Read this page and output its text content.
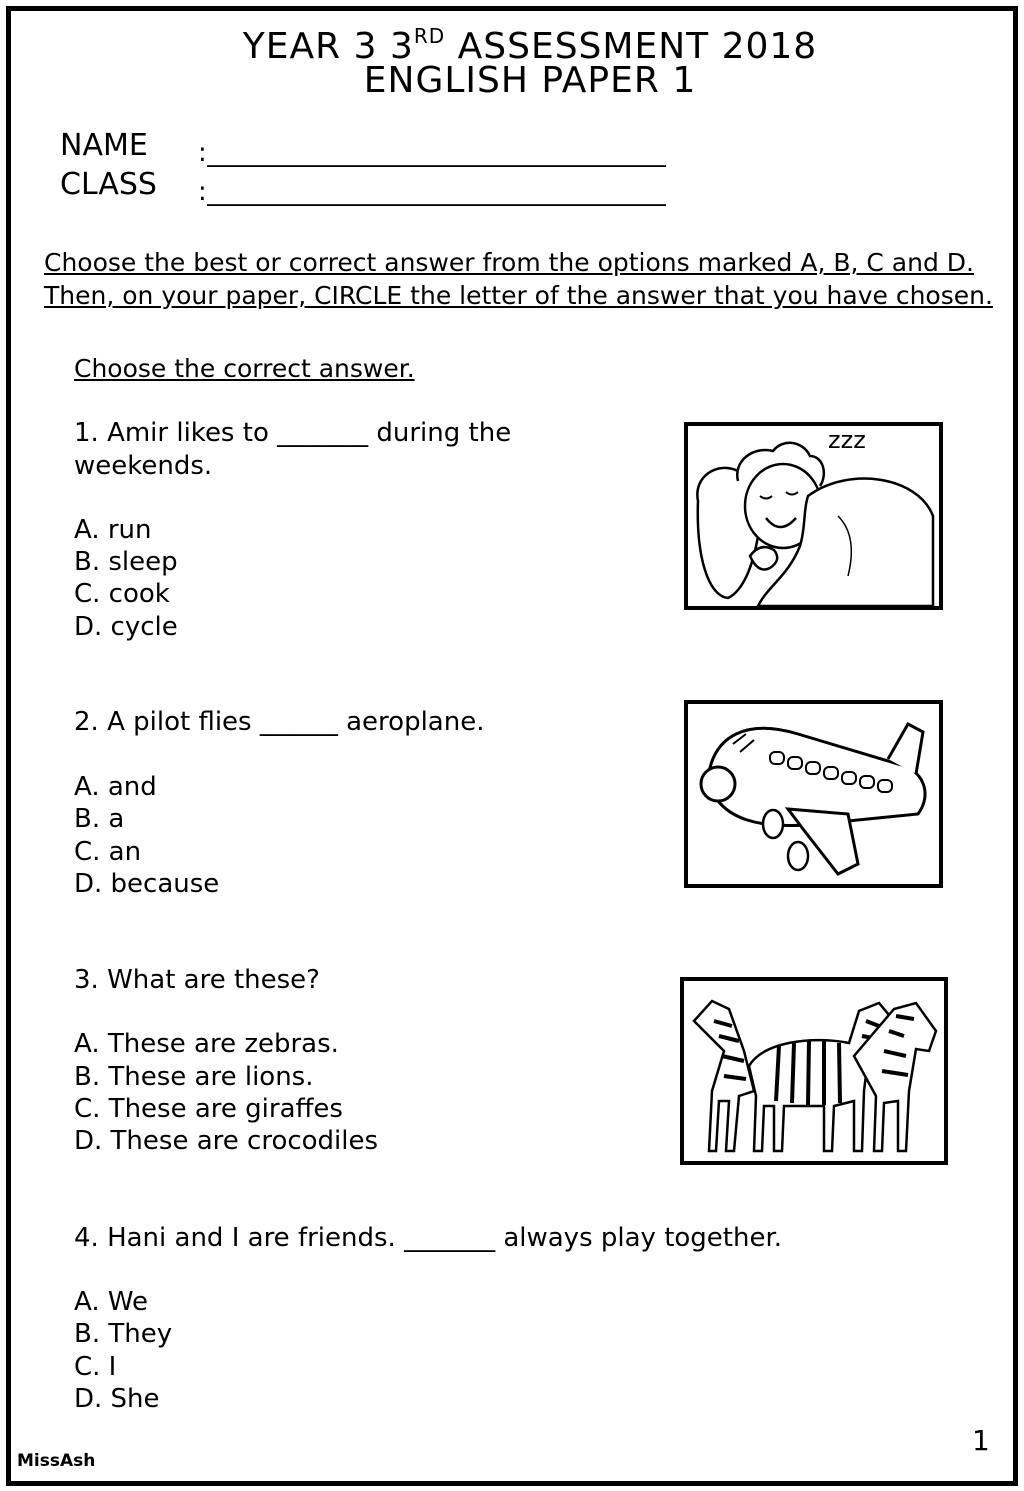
YEAR 3 3RD ASSESSMENT 2018
ENGLISH PAPER 1
NAME :__________________________________
CLASS :__________________________________
Choose the best or correct answer from the options marked A, B, C and D.
Then, on your paper, CIRCLE the letter of the answer that you have chosen.
Choose the correct answer.
1. Amir likes to _______ during the weekends.
A. run
B. sleep
C. cook
D. cycle
zzz
2. A pilot flies ______ aeroplane.
A. and
B. a
C. an
D. because
3. What are these?
A. These are zebras.
B. These are lions.
C. These are giraffes
D. These are crocodiles
4. Hani and I are friends. _______ always play together.
A. We
B. They
C. I
D. She
1
MissAsh
